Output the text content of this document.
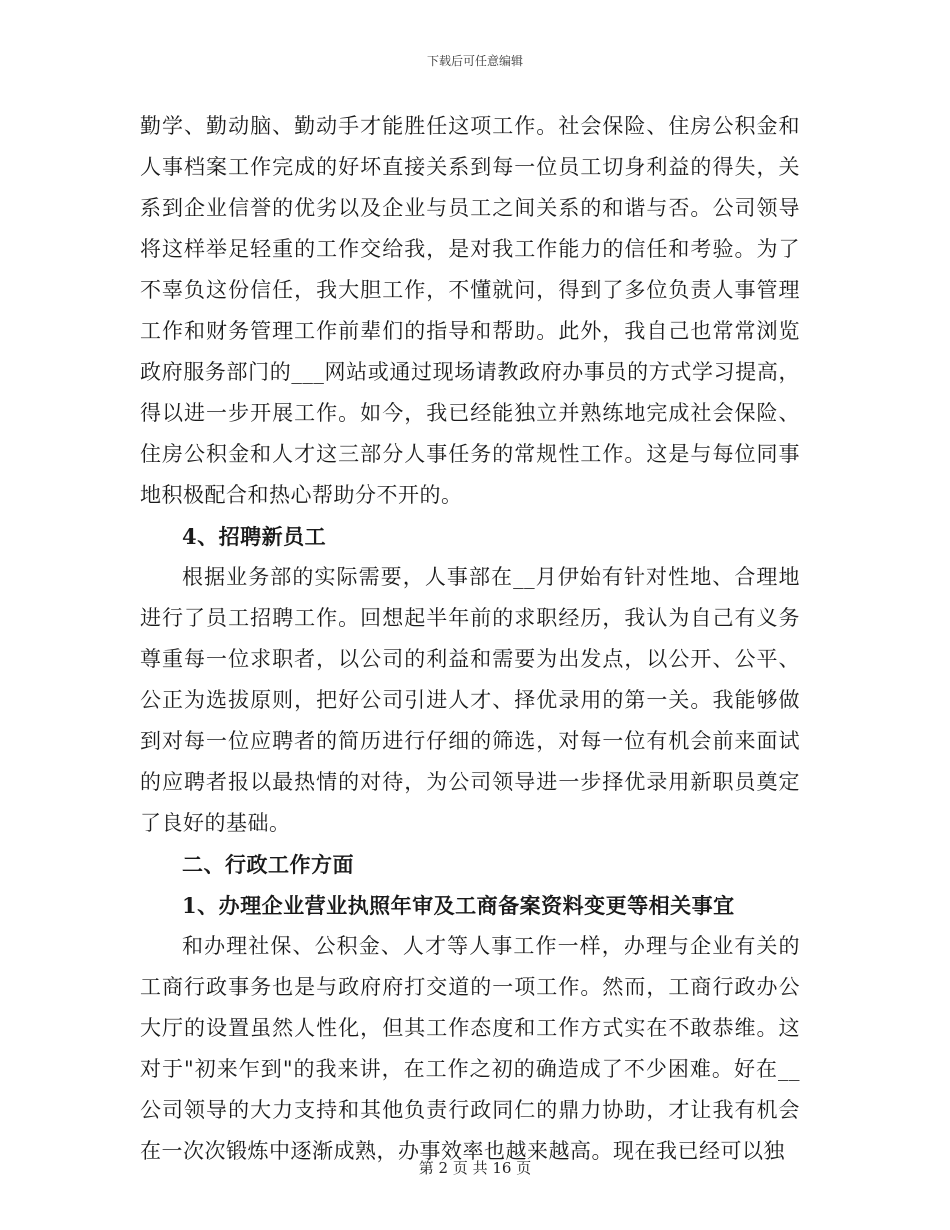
下载后可任意编辑

勤学、勤动脑、勤动手才能胜任这项工作。社会保险、住房公积金和人事档案工作完成的好坏直接关系到每一位员工切身利益的得失，关系到企业信誉的优劣以及企业与员工之间关系的和谐与否。公司领导将这样举足轻重的工作交给我，是对我工作能力的信任和考验。为了不辜负这份信任，我大胆工作，不懂就问，得到了多位负责人事管理工作和财务管理工作前辈们的指导和帮助。此外，我自己也常常浏览政府服务部门的___网站或通过现场请教政府办事员的方式学习提高，得以进一步开展工作。如今，我已经能独立并熟练地完成社会保险、住房公积金和人才这三部分人事任务的常规性工作。这是与每位同事地积极配合和热心帮助分不开的。

4、招聘新员工

根据业务部的实际需要，人事部在__月伊始有针对性地、合理地进行了员工招聘工作。回想起半年前的求职经历，我认为自己有义务尊重每一位求职者，以公司的利益和需要为出发点，以公开、公平、公正为选拔原则，把好公司引进人才、择优录用的第一关。我能够做到对每一位应聘者的简历进行仔细的筛选，对每一位有机会前来面试的应聘者报以最热情的对待，为公司领导进一步择优录用新职员奠定了良好的基础。

二、行政工作方面

1、办理企业营业执照年审及工商备案资料变更等相关事宜

和办理社保、公积金、人才等人事工作一样，办理与企业有关的工商行政事务也是与政府府打交道的一项工作。然而，工商行政办公大厅的设置虽然人性化，但其工作态度和工作方式实在不敢恭维。这对于"初来乍到"的我来讲，在工作之初的确造成了不少困难。好在__公司领导的大力支持和其他负责行政同仁的鼎力协助，才让我有机会在一次次锻炼中逐渐成熟，办事效率也越来越高。现在我已经可以独

第 2 页 共 16 页
